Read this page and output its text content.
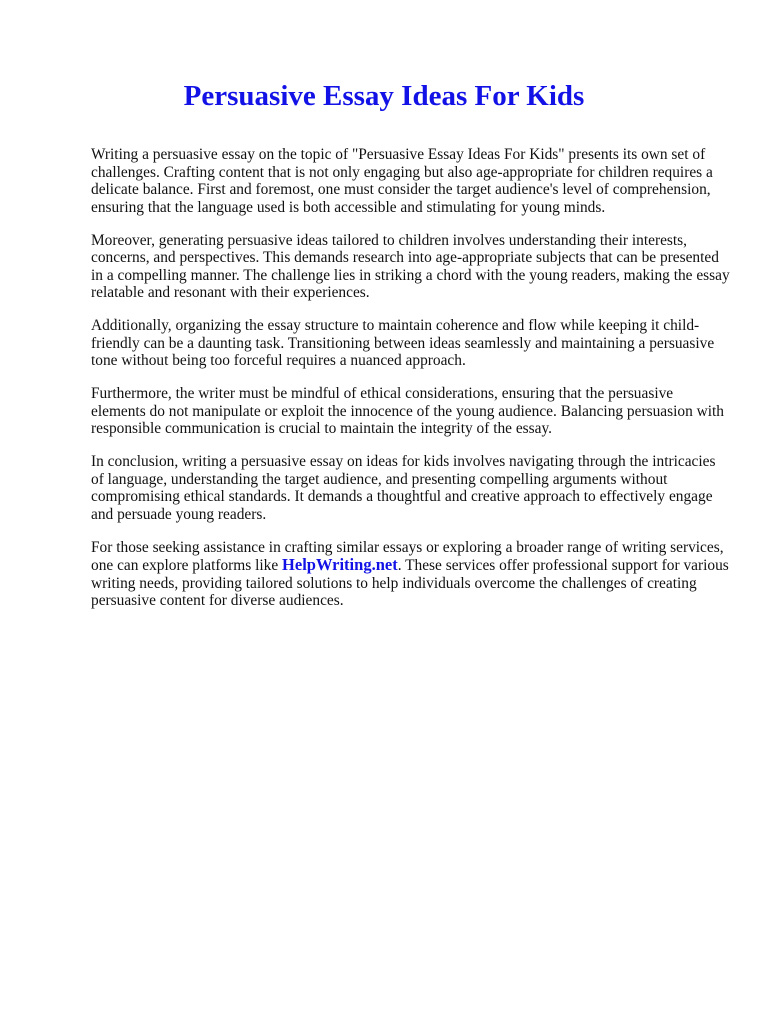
Persuasive Essay Ideas For Kids

Writing a persuasive essay on the topic of "Persuasive Essay Ideas For Kids" presents its own set of challenges. Crafting content that is not only engaging but also age-appropriate for children requires a delicate balance. First and foremost, one must consider the target audience's level of comprehension, ensuring that the language used is both accessible and stimulating for young minds.

Moreover, generating persuasive ideas tailored to children involves understanding their interests, concerns, and perspectives. This demands research into age-appropriate subjects that can be presented in a compelling manner. The challenge lies in striking a chord with the young readers, making the essay relatable and resonant with their experiences.

Additionally, organizing the essay structure to maintain coherence and flow while keeping it child-friendly can be a daunting task. Transitioning between ideas seamlessly and maintaining a persuasive tone without being too forceful requires a nuanced approach.

Furthermore, the writer must be mindful of ethical considerations, ensuring that the persuasive elements do not manipulate or exploit the innocence of the young audience. Balancing persuasion with responsible communication is crucial to maintain the integrity of the essay.

In conclusion, writing a persuasive essay on ideas for kids involves navigating through the intricacies of language, understanding the target audience, and presenting compelling arguments without compromising ethical standards. It demands a thoughtful and creative approach to effectively engage and persuade young readers.

For those seeking assistance in crafting similar essays or exploring a broader range of writing services, one can explore platforms like HelpWriting.net. These services offer professional support for various writing needs, providing tailored solutions to help individuals overcome the challenges of creating persuasive content for diverse audiences.
